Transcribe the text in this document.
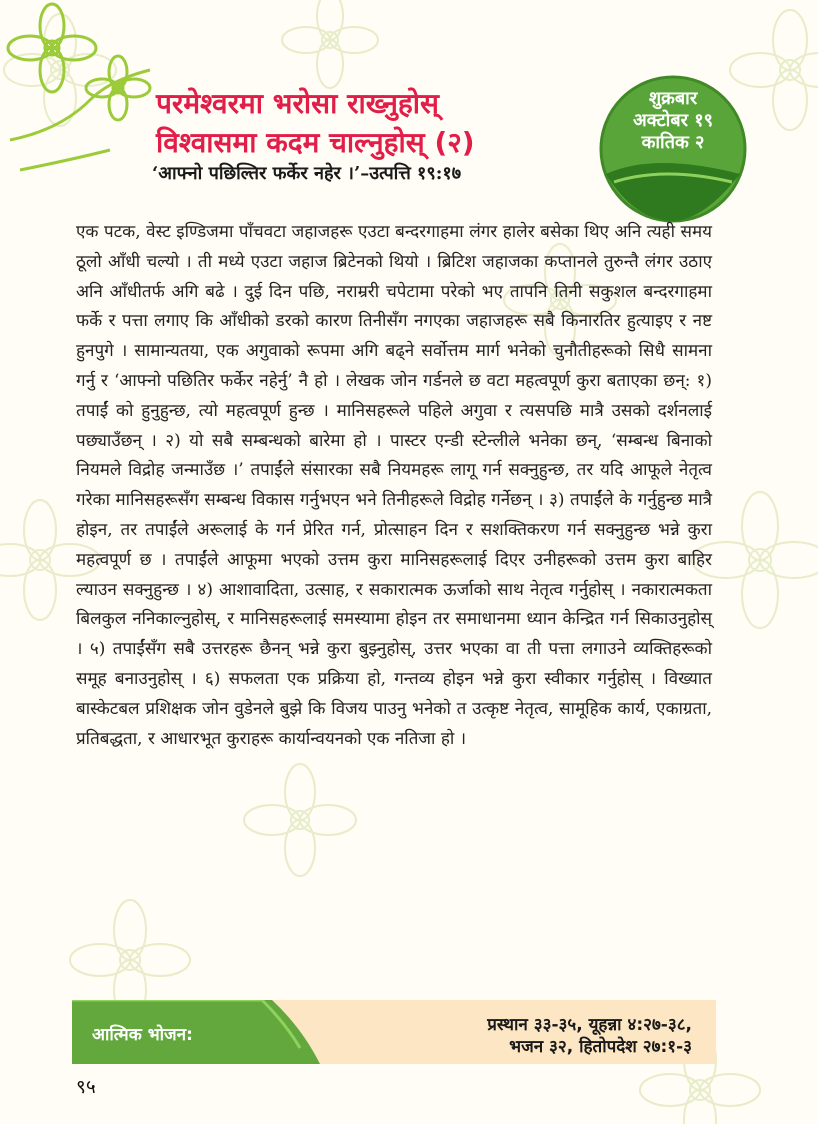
परमेश्वरमा भरोसा राख्नुहोस्
विश्वासमा कदम चाल्नुहोस् (२)
‘आफ्नो पछिल्तिर फर्केर नहेर ।’–उत्पत्ति १९:१७
शुक्रबार
अक्टोबर १९
कातिक २

एक पटक, वेस्ट इण्डिजमा पाँचवटा जहाजहरू एउटा बन्दरगाहमा लंगर हालेर बसेका थिए अनि त्यही समय ठूलो आँधी चल्यो । ती मध्ये एउटा जहाज ब्रिटेनको थियो । ब्रिटिश जहाजका कप्तानले तुरुन्तै लंगर उठाए अनि आँधीतर्फ अगि बढे । दुई दिन पछि, नराम्ररी चपेटामा परेको भए तापनि तिनी सकुशल बन्दरगाहमा फर्के र पत्ता लगाए कि आँधीको डरको कारण तिनीसँग नगएका जहाजहरू सबै किनारतिर हुत्याइए र नष्ट हुनपुगे । सामान्यतया, एक अगुवाको रूपमा अगि बढ्ने सर्वोत्तम मार्ग भनेको चुनौतीहरूको सिधै सामना गर्नु र ‘आफ्नो पछितिर फर्केर नहेर्नु’ नै हो । लेखक जोन गर्डनले छ वटा महत्वपूर्ण कुरा बताएका छन्: १) तपाईं को हुनुहुन्छ, त्यो महत्वपूर्ण हुन्छ । मानिसहरूले पहिले अगुवा र त्यसपछि मात्रै उसको दर्शनलाई पछ्याउँछन् । २) यो सबै सम्बन्धको बारेमा हो । पास्टर एन्डी स्टेन्लीले भनेका छन्, ‘सम्बन्ध बिनाको नियमले विद्रोह जन्माउँछ ।’ तपाईंले संसारका सबै नियमहरू लागू गर्न सक्नुहुन्छ, तर यदि आफूले नेतृत्व गरेका मानिसहरूसँग सम्बन्ध विकास गर्नुभएन भने तिनीहरूले विद्रोह गर्नेछन् । ३) तपाईंले के गर्नुहुन्छ मात्रै होइन, तर तपाईंले अरूलाई के गर्न प्रेरित गर्न, प्रोत्साहन दिन र सशक्तिकरण गर्न सक्नुहुन्छ भन्ने कुरा महत्वपूर्ण छ । तपाईंले आफूमा भएको उत्तम कुरा मानिसहरूलाई दिएर उनीहरूको उत्तम कुरा बाहिर ल्याउन सक्नुहुन्छ । ४) आशावादिता, उत्साह, र सकारात्मक ऊर्जाको साथ नेतृत्व गर्नुहोस् । नकारात्मकता बिलकुल ननिकाल्नुहोस्, र मानिसहरूलाई समस्यामा होइन तर समाधानमा ध्यान केन्द्रित गर्न सिकाउनुहोस् । ५) तपाईंसँग सबै उत्तरहरू छैनन् भन्ने कुरा बुझ्नुहोस्, उत्तर भएका वा ती पत्ता लगाउने व्यक्तिहरूको समूह बनाउनुहोस् । ६) सफलता एक प्रक्रिया हो, गन्तव्य होइन भन्ने कुरा स्वीकार गर्नुहोस् । विख्यात बास्केटबल प्रशिक्षक जोन वुडेनले बुझे कि विजय पाउनु भनेको त उत्कृष्ट नेतृत्व, सामूहिक कार्य, एकाग्रता, प्रतिबद्धता, र आधारभूत कुराहरू कार्यान्वयनको एक नतिजा हो ।

आत्मिक भोजन:	प्रस्थान ३३-३५, यूहन्ना ४:२७-३८,
भजन ३२, हितोपदेश २७:१-३
९५
